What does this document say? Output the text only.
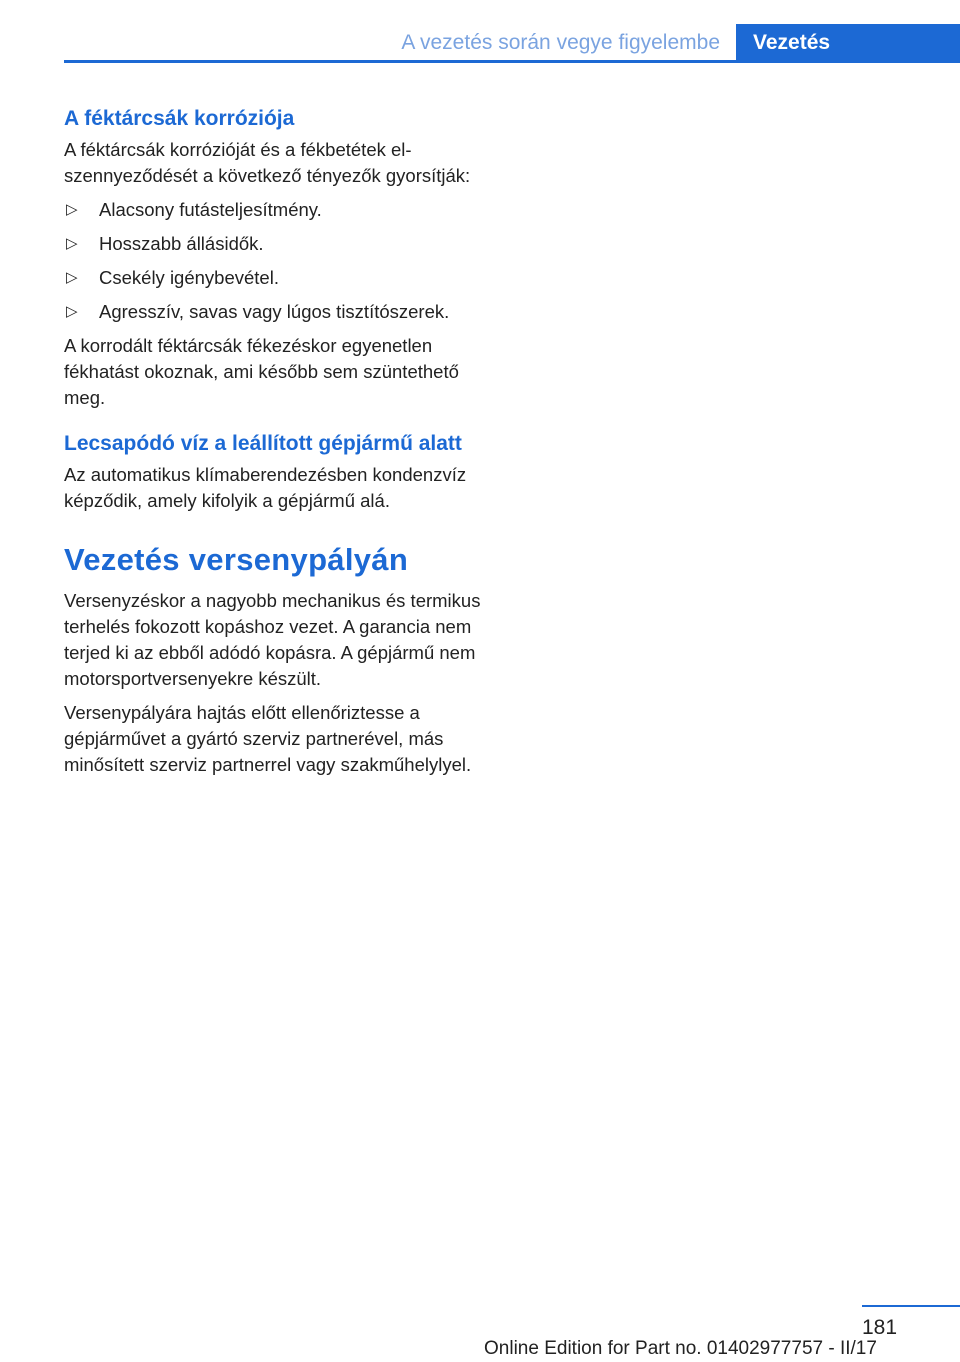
A vezetés során vegye figyelembe	Vezetés

A féktárcsák korróziója

A féktárcsák korrózióját és a fékbetétek elszennyeződését a következő tényezők gyorsítják:

▷ Alacsony futásteljesítmény.
▷ Hosszabb állásidők.
▷ Csekély igénybevétel.
▷ Agresszív, savas vagy lúgos tisztítószerek.

A korrodált féktárcsák fékezéskor egyenetlen fékhatást okoznak, ami később sem szüntethető meg.

Lecsapódó víz a leállított gépjármű alatt

Az automatikus klímaberendezésben kondenzvíz képződik, amely kifolyik a gépjármű alá.

Vezetés versenypályán

Versenyzéskor a nagyobb mechanikus és termikus terhelés fokozott kopáshoz vezet. A garancia nem terjed ki az ebből adódó kopásra. A gépjármű nem motorsportversenyekre készült.

Versenypályára hajtás előtt ellenőriztesse a gépjárművet a gyártó szerviz partnerével, más minősített szerviz partnerrel vagy szakműhelylyel.

181
Online Edition for Part no. 01402977757 - II/17
